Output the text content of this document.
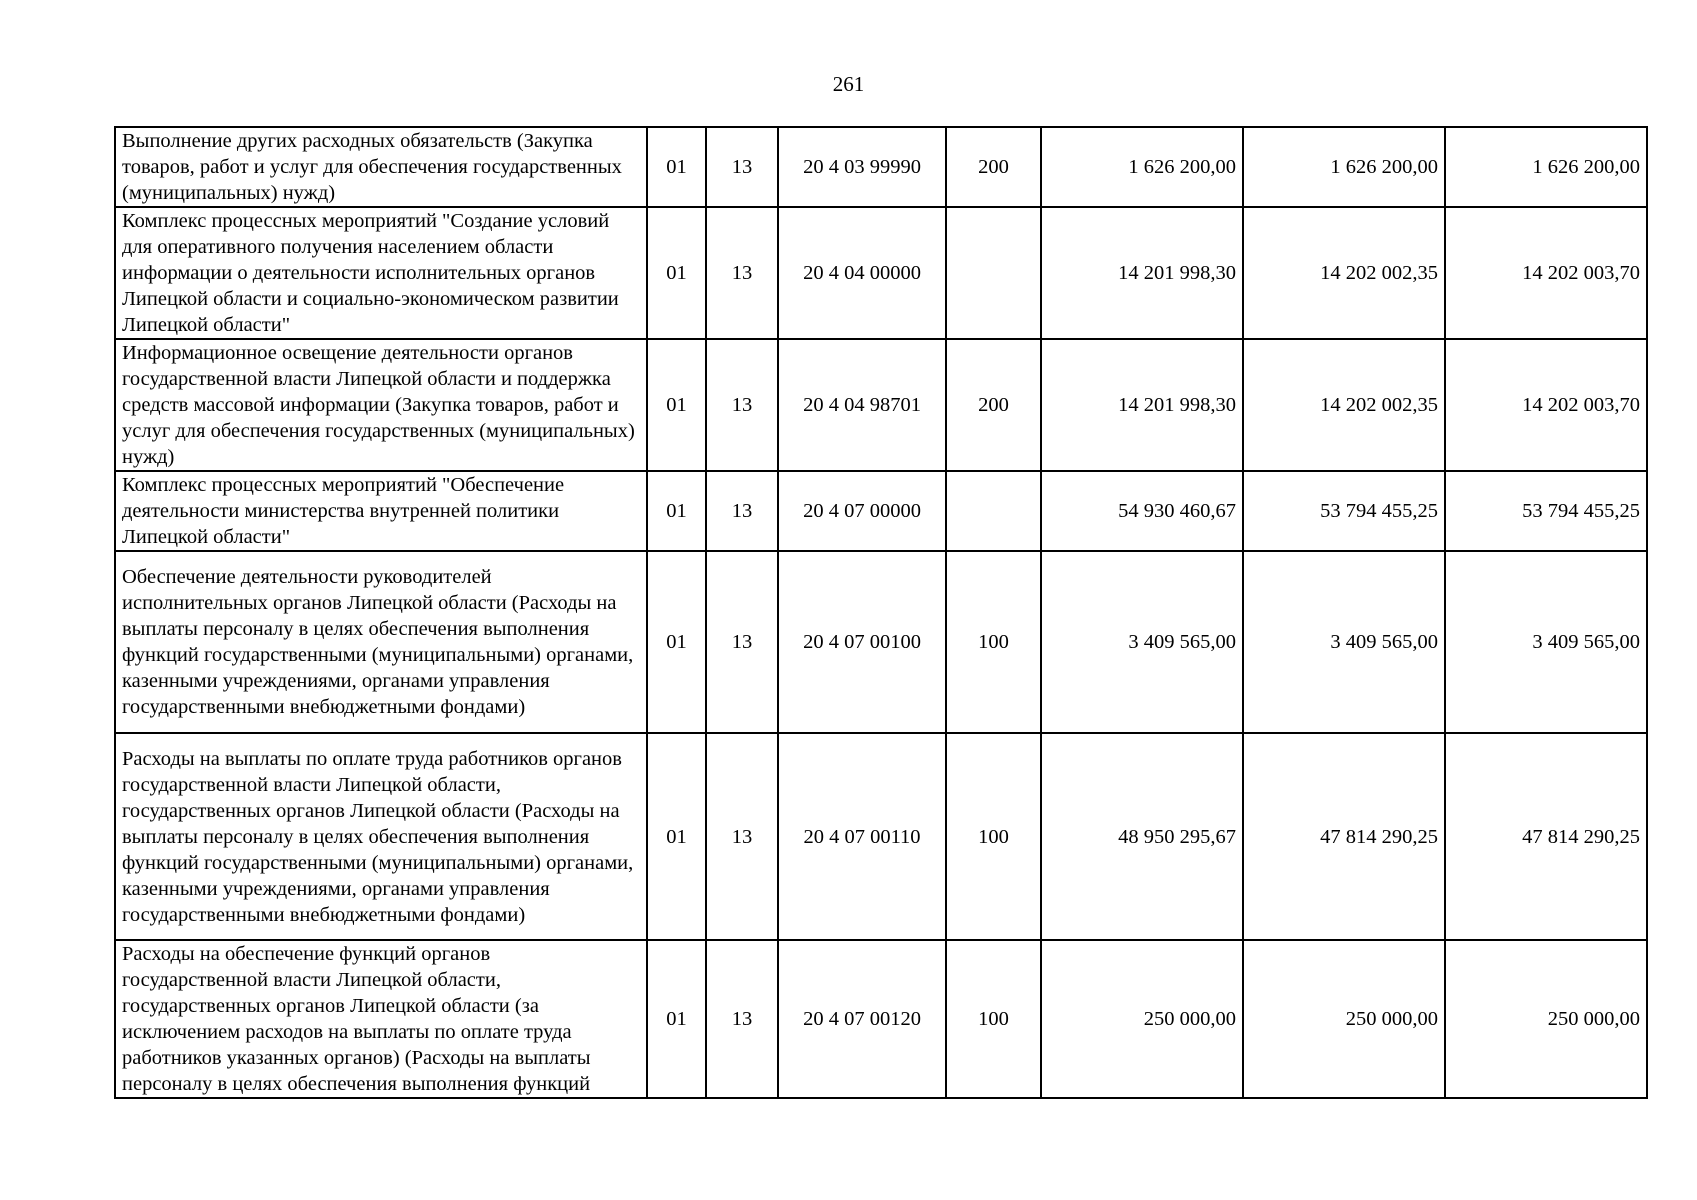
261
Выполнение других расходных обязательств (Закупка товаров, работ и услуг для обеспечения государственных (муниципальных) нужд)	01	13	20 4 03 99990	200	1 626 200,00	1 626 200,00	1 626 200,00
Комплекс процессных мероприятий "Создание условий для оперативного получения населением области информации о деятельности исполнительных органов Липецкой области и социально-экономическом развитии Липецкой области"	01	13	20 4 04 00000		14 201 998,30	14 202 002,35	14 202 003,70
Информационное освещение деятельности органов государственной власти Липецкой области и поддержка средств массовой информации (Закупка товаров, работ и услуг для обеспечения государственных (муниципальных) нужд)	01	13	20 4 04 98701	200	14 201 998,30	14 202 002,35	14 202 003,70
Комплекс процессных мероприятий "Обеспечение деятельности министерства внутренней политики Липецкой области"	01	13	20 4 07 00000		54 930 460,67	53 794 455,25	53 794 455,25
Обеспечение деятельности руководителей исполнительных органов Липецкой области (Расходы на выплаты персоналу в целях обеспечения выполнения функций государственными (муниципальными) органами, казенными учреждениями, органами управления государственными внебюджетными фондами)	01	13	20 4 07 00100	100	3 409 565,00	3 409 565,00	3 409 565,00
Расходы на выплаты по оплате труда работников органов государственной власти Липецкой области, государственных органов Липецкой области (Расходы на выплаты персоналу в целях обеспечения выполнения функций государственными (муниципальными) органами, казенными учреждениями, органами управления государственными внебюджетными фондами)	01	13	20 4 07 00110	100	48 950 295,67	47 814 290,25	47 814 290,25
Расходы на обеспечение функций органов государственной власти Липецкой области, государственных органов Липецкой области (за исключением расходов на выплаты по оплате труда работников указанных органов) (Расходы на выплаты персоналу в целях обеспечения выполнения функций	01	13	20 4 07 00120	100	250 000,00	250 000,00	250 000,00
